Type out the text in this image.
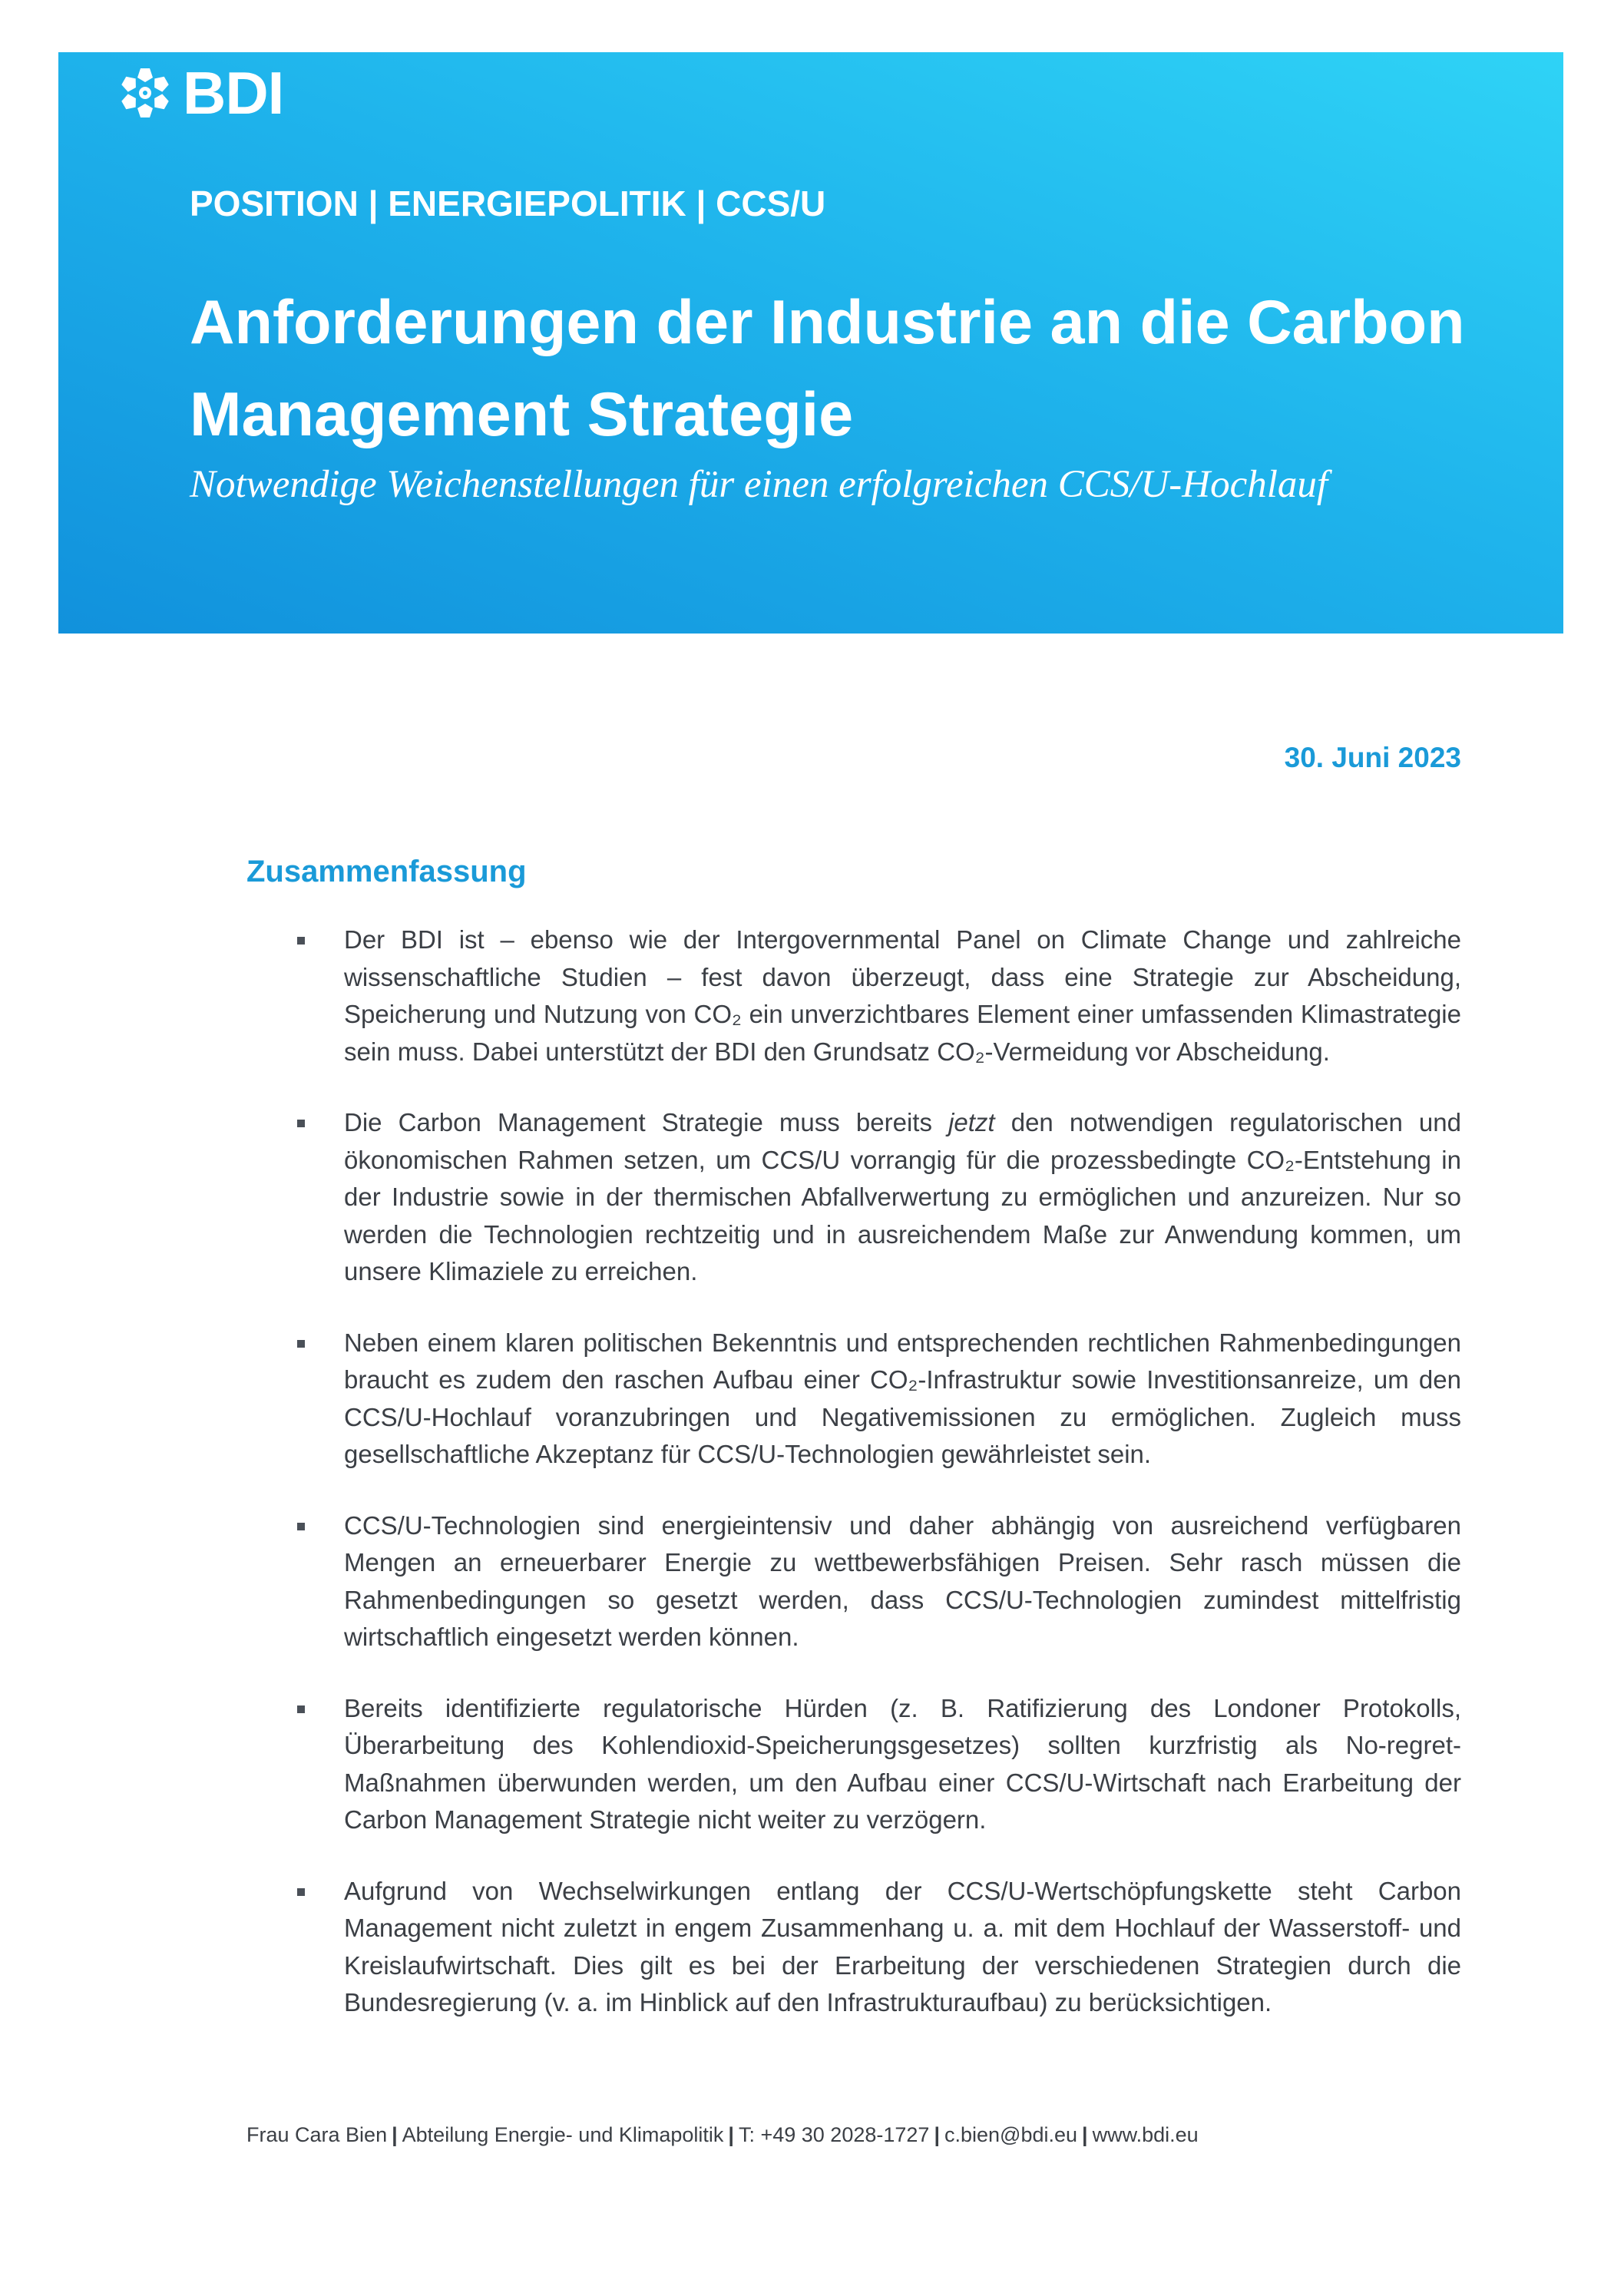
BDI
POSITION | ENERGIEPOLITIK | CCS/U
Anforderungen der Industrie an die Carbon Management Strategie
Notwendige Weichenstellungen für einen erfolgreichen CCS/U-Hochlauf
30. Juni 2023
Zusammenfassung
Der BDI ist – ebenso wie der Intergovernmental Panel on Climate Change und zahlreiche wissenschaftliche Studien – fest davon überzeugt, dass eine Strategie zur Abscheidung, Speicherung und Nutzung von CO₂ ein unverzichtbares Element einer umfassenden Klimastrategie sein muss. Dabei unterstützt der BDI den Grundsatz CO₂-Vermeidung vor Abscheidung.
Die Carbon Management Strategie muss bereits jetzt den notwendigen regulatorischen und ökonomischen Rahmen setzen, um CCS/U vorrangig für die prozessbedingte CO₂-Entstehung in der Industrie sowie in der thermischen Abfallverwertung zu ermöglichen und anzureizen. Nur so werden die Technologien rechtzeitig und in ausreichendem Maße zur Anwendung kommen, um unsere Klimaziele zu erreichen.
Neben einem klaren politischen Bekenntnis und entsprechenden rechtlichen Rahmenbedingungen braucht es zudem den raschen Aufbau einer CO₂-Infrastruktur sowie Investitionsanreize, um den CCS/U-Hochlauf voranzubringen und Negativemissionen zu ermöglichen. Zugleich muss gesellschaftliche Akzeptanz für CCS/U-Technologien gewährleistet sein.
CCS/U-Technologien sind energieintensiv und daher abhängig von ausreichend verfügbaren Mengen an erneuerbarer Energie zu wettbewerbsfähigen Preisen. Sehr rasch müssen die Rahmenbedingungen so gesetzt werden, dass CCS/U-Technologien zumindest mittelfristig wirtschaftlich eingesetzt werden können.
Bereits identifizierte regulatorische Hürden (z. B. Ratifizierung des Londoner Protokolls, Überarbeitung des Kohlendioxid-Speicherungsgesetzes) sollten kurzfristig als No-regret-Maßnahmen überwunden werden, um den Aufbau einer CCS/U-Wirtschaft nach Erarbeitung der Carbon Management Strategie nicht weiter zu verzögern.
Aufgrund von Wechselwirkungen entlang der CCS/U-Wertschöpfungskette steht Carbon Management nicht zuletzt in engem Zusammenhang u. a. mit dem Hochlauf der Wasserstoff- und Kreislaufwirtschaft. Dies gilt es bei der Erarbeitung der verschiedenen Strategien durch die Bundesregierung (v. a. im Hinblick auf den Infrastrukturaufbau) zu berücksichtigen.
Frau Cara Bien | Abteilung Energie- und Klimapolitik | T: +49 30 2028-1727 | c.bien@bdi.eu | www.bdi.eu
